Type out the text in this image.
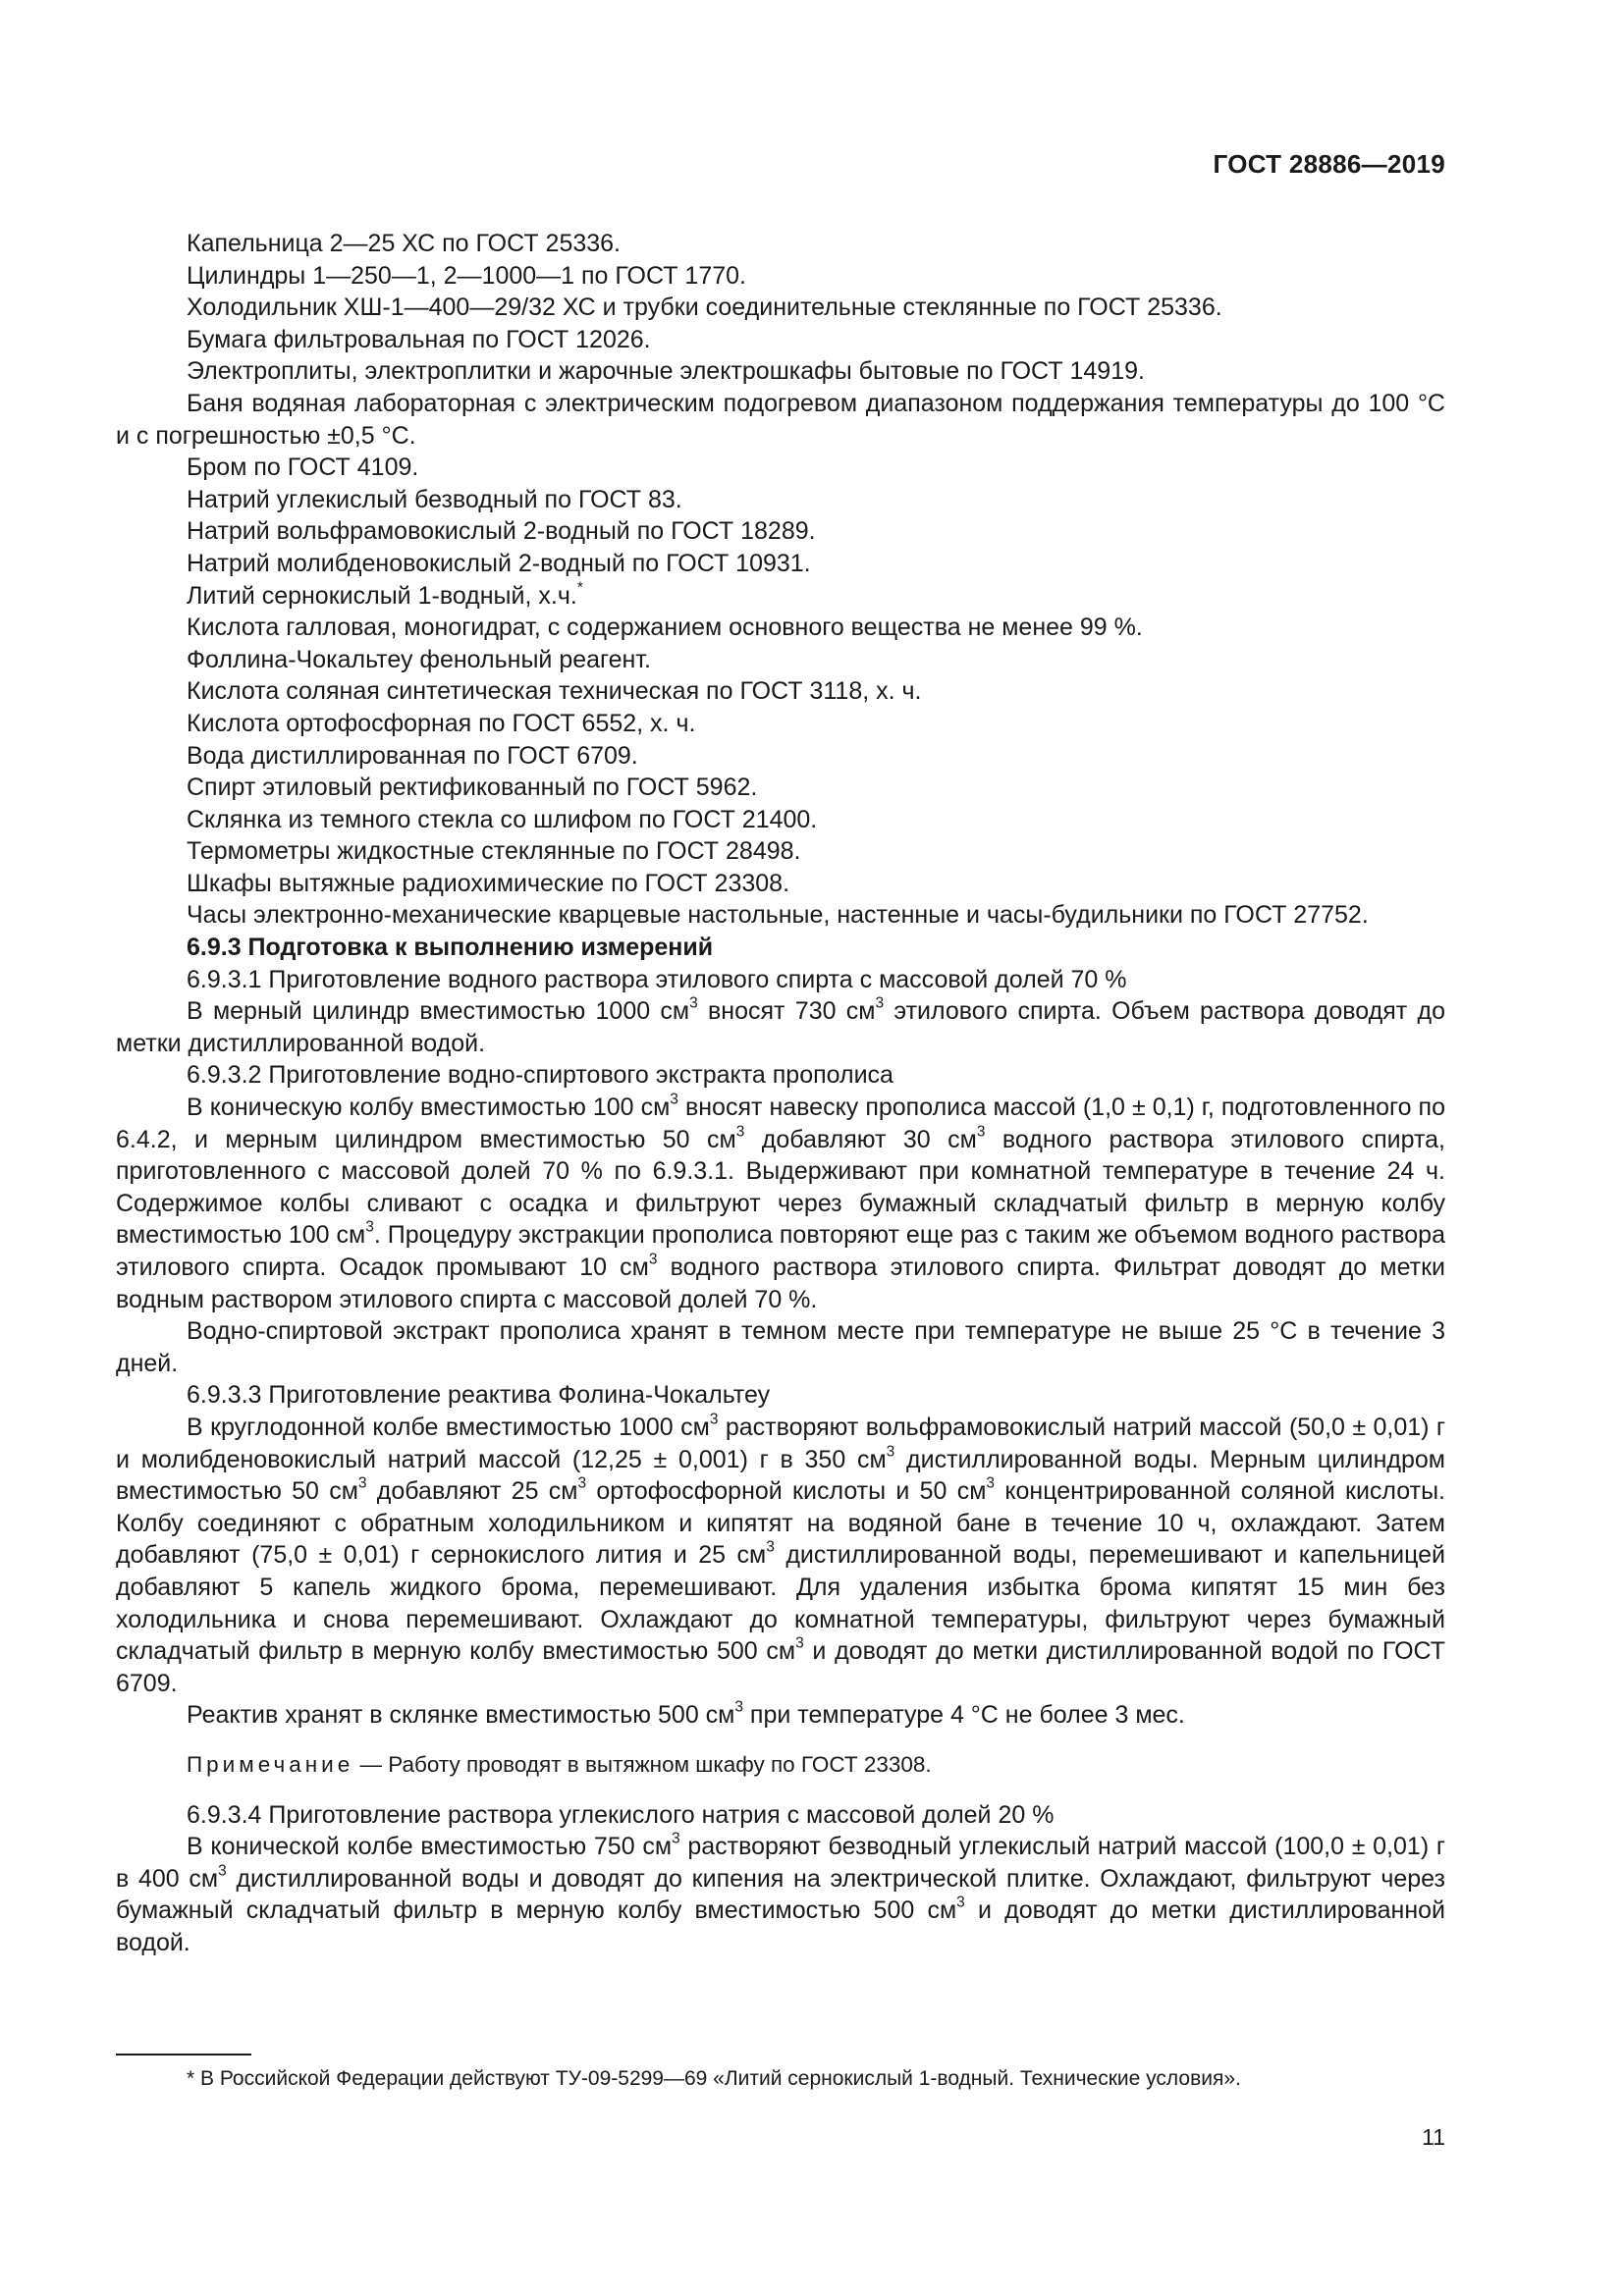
ГОСТ 28886—2019

Капельница 2—25 ХС по ГОСТ 25336.

Цилиндры 1—250—1, 2—1000—1 по ГОСТ 1770.

Холодильник ХШ-1—400—29/32 ХС и трубки соединительные стеклянные по ГОСТ 25336.

Бумага фильтровальная по ГОСТ 12026.

Электроплиты, электроплитки и жарочные электрошкафы бытовые по ГОСТ 14919.

Баня водяная лабораторная с электрическим подогревом диапазоном поддержания температуры до 100 °С и с погрешностью ±0,5 °С.

Бром по ГОСТ 4109.

Натрий углекислый безводный по ГОСТ 83.

Натрий вольфрамовокислый 2-водный по ГОСТ 18289.

Натрий молибденовокислый 2-водный по ГОСТ 10931.

Литий сернокислый 1-водный, х.ч.*

Кислота галловая, моногидрат, с содержанием основного вещества не менее 99 %.

Фоллина-Чокальтеу фенольный реагент.

Кислота соляная синтетическая техническая по ГОСТ 3118, х. ч.

Кислота ортофосфорная по ГОСТ 6552, х. ч.

Вода дистиллированная по ГОСТ 6709.

Спирт этиловый ректификованный по ГОСТ 5962.

Склянка из темного стекла со шлифом по ГОСТ 21400.

Термометры жидкостные стеклянные по ГОСТ 28498.

Шкафы вытяжные радиохимические по ГОСТ 23308.

Часы электронно-механические кварцевые настольные, настенные и часы-будильники по ГОСТ 27752.

6.9.3 Подготовка к выполнению измерений

6.9.3.1 Приготовление водного раствора этилового спирта с массовой долей 70 %

В мерный цилиндр вместимостью 1000 $см^3$ вносят 730 $см^3$ этилового спирта. Объем раствора доводят до метки дистиллированной водой.

6.9.3.2 Приготовление водно-спиртового экстракта прополиса

В коническую колбу вместимостью 100 $см^3$ вносят навеску прополиса массой (1,0 ± 0,1) г, подготовленного по 6.4.2, и мерным цилиндром вместимостью 50 $см^3$ добавляют 30 $см^3$ водного раствора этилового спирта, приготовленного с массовой долей 70 % по 6.9.3.1. Выдерживают при комнатной температуре в течение 24 ч. Содержимое колбы сливают с осадка и фильтруют через бумажный складчатый фильтр в мерную колбу вместимостью 100 $см^3$. Процедуру экстракции прополиса повторяют еще раз с таким же объемом водного раствора этилового спирта. Осадок промывают 10 $см^3$ водного раствора этилового спирта. Фильтрат доводят до метки водным раствором этилового спирта с массовой долей 70 %.

Водно-спиртовой экстракт прополиса хранят в темном месте при температуре не выше 25 °С в течение 3 дней.

6.9.3.3 Приготовление реактива Фолина-Чокальтеу

В круглодонной колбе вместимостью 1000 $см^3$ растворяют вольфрамовокислый натрий массой (50,0 ± 0,01) г и молибденовокислый натрий массой (12,25 ± 0,001) г в 350 $см^3$ дистиллированной воды. Мерным цилиндром вместимостью 50 $см^3$ добавляют 25 $см^3$ ортофосфорной кислоты и 50 $см^3$ концентрированной соляной кислоты. Колбу соединяют с обратным холодильником и кипятят на водяной бане в течение 10 ч, охлаждают. Затем добавляют (75,0 ± 0,01) г сернокислого лития и 25 $см^3$ дистиллированной воды, перемешивают и капельницей добавляют 5 капель жидкого брома, перемешивают. Для удаления избытка брома кипятят 15 мин без холодильника и снова перемешивают. Охлаждают до комнатной температуры, фильтруют через бумажный складчатый фильтр в мерную колбу вместимостью 500 $см^3$ и доводят до метки дистиллированной водой по ГОСТ 6709.

Реактив хранят в склянке вместимостью 500 $см^3$ при температуре 4 °С не более 3 мес.

Примечание — Работу проводят в вытяжном шкафу по ГОСТ 23308.

6.9.3.4 Приготовление раствора углекислого натрия с массовой долей 20 %

В конической колбе вместимостью 750 $см^3$ растворяют безводный углекислый натрий массой (100,0 ± 0,01) г в 400 $см^3$ дистиллированной воды и доводят до кипения на электрической плитке. Охлаждают, фильтруют через бумажный складчатый фильтр в мерную колбу вместимостью 500 $см^3$ и доводят до метки дистиллированной водой.

* В Российской Федерации действуют ТУ-09-5299—69 «Литий сернокислый 1-водный. Технические условия».
11
